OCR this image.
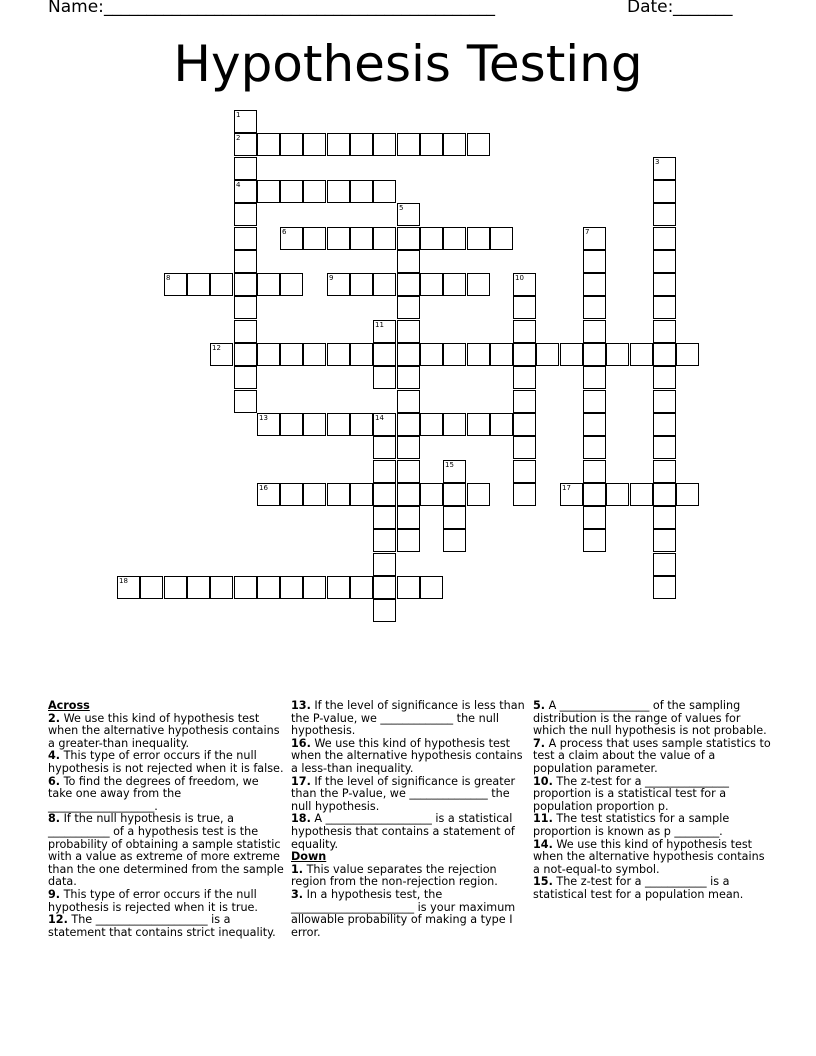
Name:
______________________________________________	Date:
_______
Hypothesis Testing
1
2
4
3
5
6	7
8	9	10
11
12
13	14
15
16	17
18
Across
2. We use this kind of hypothesis test when the alternative hypothesis contains a greater-than inequality.
4. This type of error occurs if the null hypothesis is not rejected when it is false.
6. To find the degrees of freedom, we take one away from the ___________________.
8. If the null hypothesis is true, a ___________ of a hypothesis test is the probability of obtaining a sample statistic with a value as extreme of more extreme than the one determined from the sample data.
9. This type of error occurs if the null hypothesis is rejected when it is true.
12. The ____________________ is a statement that contains strict inequality.
13. If the level of significance is less than the P-value, we _____________ the null hypothesis.
16. We use this kind of hypothesis test when the alternative hypothesis contains a less-than inequality.
17. If the level of significance is greater than the P-value, we ______________ the null hypothesis.
18. A ___________________ is a statistical hypothesis that contains a statement of equality.
Down
1. This value separates the rejection region from the non-rejection region.
3. In a hypothesis test, the ______________________ is your maximum allowable probability of making a type I error.
5. A ________________ of the sampling distribution is the range of values for which the null hypothesis is not probable.
7. A process that uses sample statistics to test a claim about the value of a population parameter.
10. The z-test for a _______________ proportion is a statistical test for a population proportion p.
11. The test statistics for a sample proportion is known as p ________.
14. We use this kind of hypothesis test when the alternative hypothesis contains a not-equal-to symbol.
15. The z-test for a ___________ is a statistical test for a population mean.
